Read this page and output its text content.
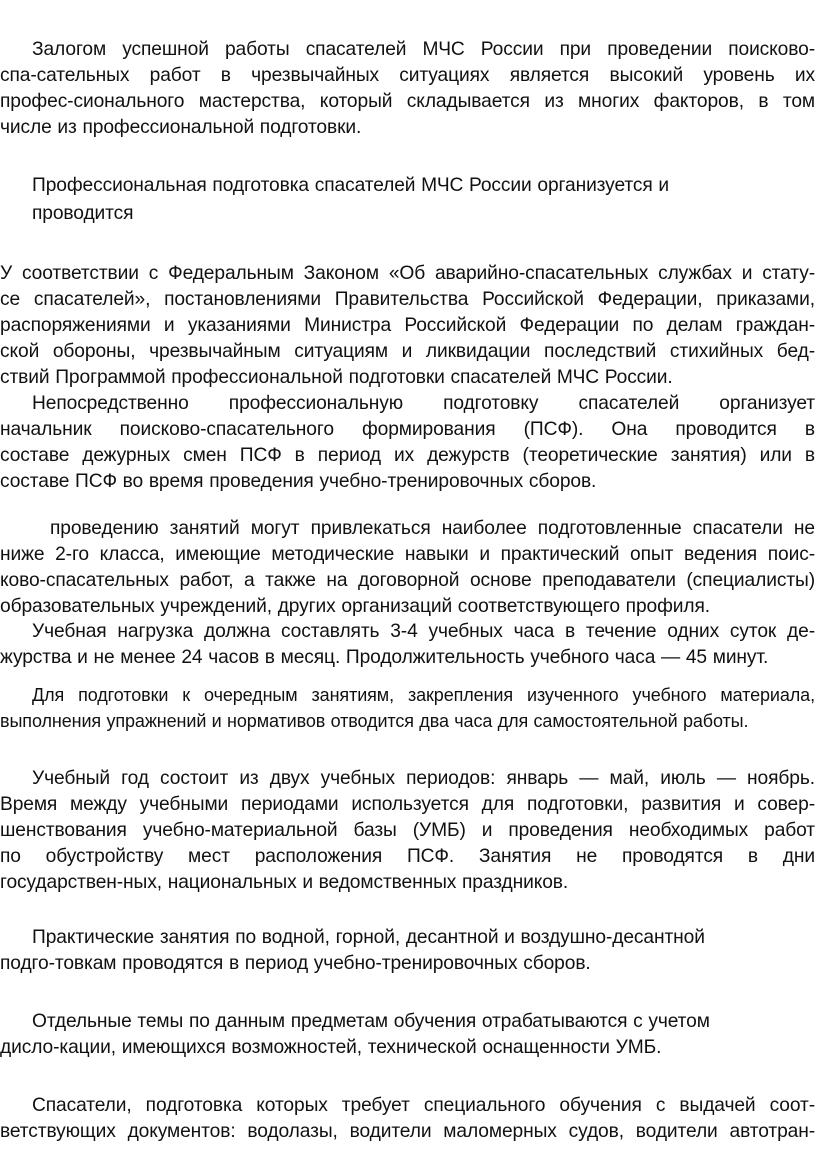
Залогом успешной работы спасателей МЧС России при проведении поисково-
спа-сательных работ в чрезвычайных ситуациях является высокий уровень их
профес-сионального мастерства, который складывается из многих факторов, в том
числе из профессиональной подготовки.
Профессиональная подготовка спасателей МЧС России организуется и
проводится
У соответствии с Федеральным Законом «Об аварийно-спасательных службах и стату-
се спасателей», постановлениями Правительства Российской Федерации, приказами,
распоряжениями и указаниями Министра Российской Федерации по делам граждан-
ской обороны, чрезвычайным ситуациям и ликвидации последствий стихийных бед-
ствий Программой профессиональной подготовки спасателей МЧС России.
Непосредственно профессиональную подготовку спасателей организует
начальник поисково-спасательного формирования (ПСФ). Она проводится в
составе дежурных смен ПСФ в период их дежурств (теоретические занятия) или в
составе ПСФ во время проведения учебно-тренировочных сборов.
проведению занятий могут привлекаться наиболее подготовленные спасатели не
ниже 2-го класса, имеющие методические навыки и практический опыт ведения поис-
ково-спасательных работ, а также на договорной основе преподаватели (специалисты)
образовательных учреждений, других организаций соответствующего профиля.
Учебная нагрузка должна составлять 3-4 учебных часа в течение одних суток де-
журства и не менее 24 часов в месяц. Продолжительность учебного часа — 45 минут.
Для подготовки к очередным занятиям, закрепления изученного учебного материала,
выполнения упражнений и нормативов отводится два часа для самостоятельной работы.
Учебный год состоит из двух учебных периодов: январь — май, июль — ноябрь.
Время между учебными периодами используется для подготовки, развития и совер-
шенствования учебно-материальной базы (УМБ) и проведения необходимых работ
по обустройству мест расположения ПСФ. Занятия не проводятся в дни
государствен-ных, национальных и ведомственных праздников.
Практические занятия по водной, горной, десантной и воздушно-десантной
подго-товкам проводятся в период учебно-тренировочных сборов.
Отдельные темы по данным предметам обучения отрабатываются с учетом
дисло-кации, имеющихся возможностей, технической оснащенности УМБ.
Спасатели, подготовка которых требует специального обучения с выдачей соот-
ветствующих документов: водолазы, водители маломерных судов, водители автотран-
